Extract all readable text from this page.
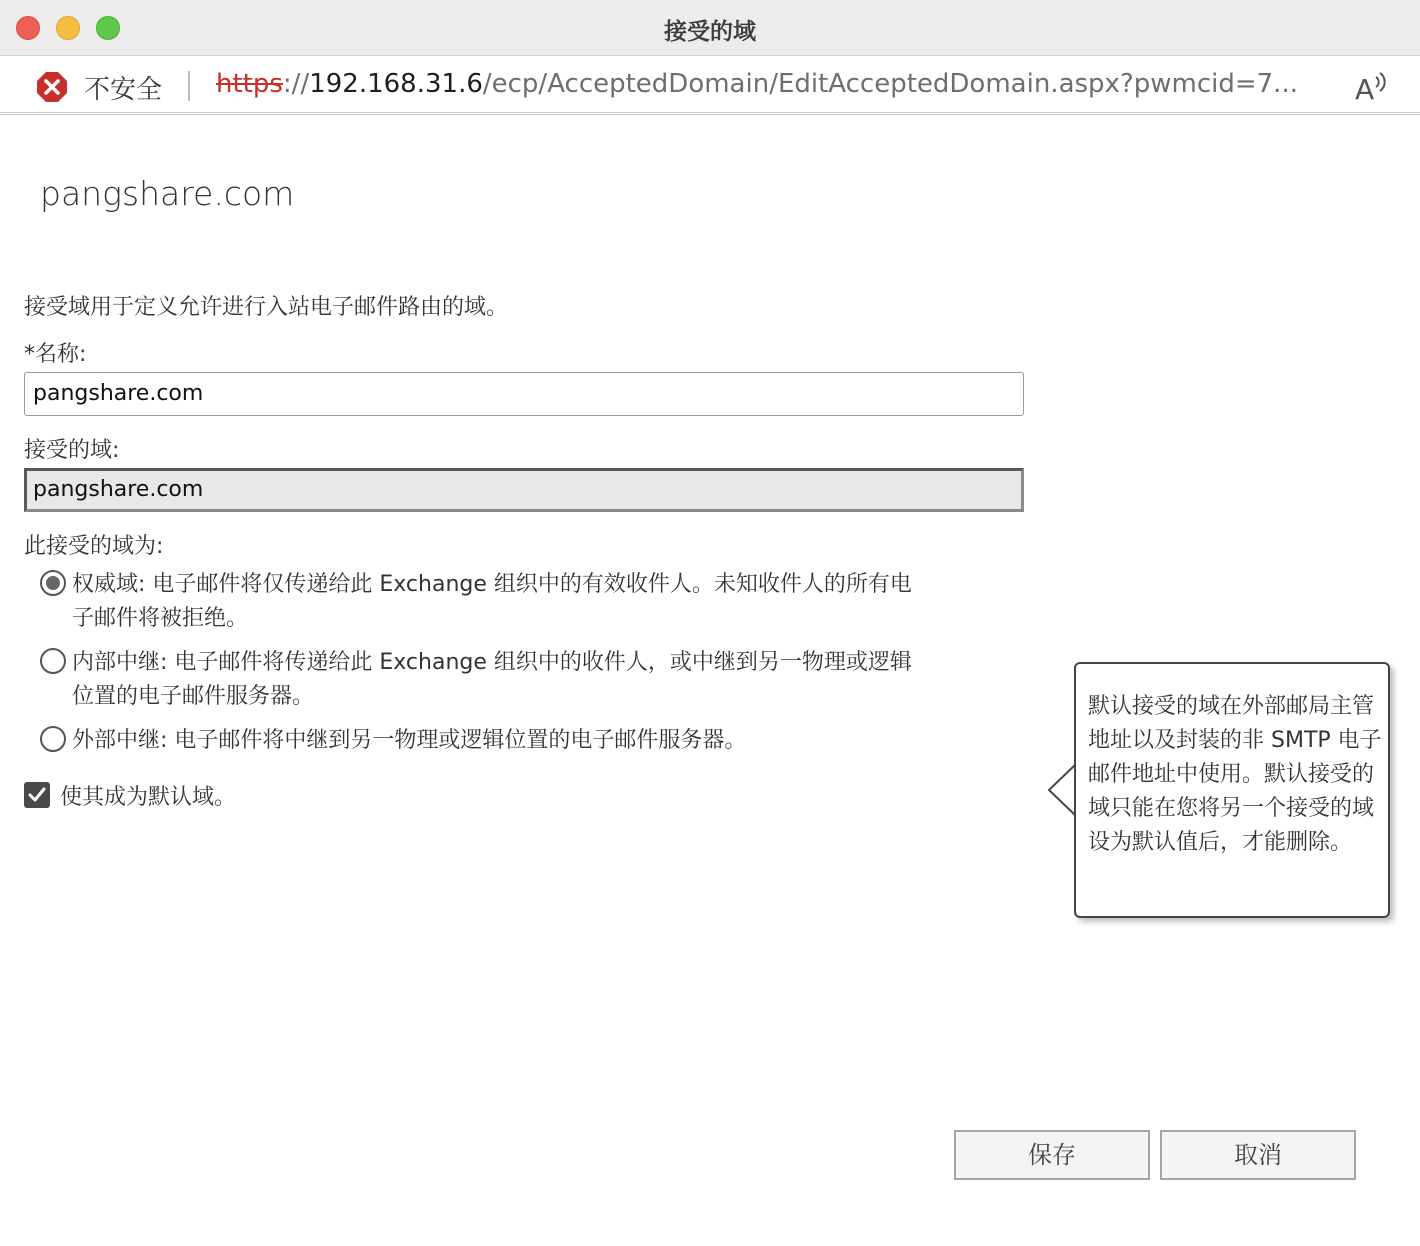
接受的域
不安全 https://192.168.31.6/ecp/AcceptedDomain/EditAcceptedDomain.aspx?pwmcid=7... A
pangshare.com
接受域用于定义允许进行入站电子邮件路由的域。
*名称:
pangshare.com
接受的域:
pangshare.com
此接受的域为:
权威域: 电子邮件将仅传递给此 Exchange 组织中的有效收件人。未知收件人的所有电子邮件将被拒绝。
内部中继: 电子邮件将传递给此 Exchange 组织中的收件人，或中继到另一物理或逻辑位置的电子邮件服务器。
外部中继: 电子邮件将中继到另一物理或逻辑位置的电子邮件服务器。
使其成为默认域。
默认接受的域在外部邮局主管地址以及封装的非 SMTP 电子邮件地址中使用。默认接受的域只能在您将另一个接受的域设为默认值后，才能删除。
保存	取消
